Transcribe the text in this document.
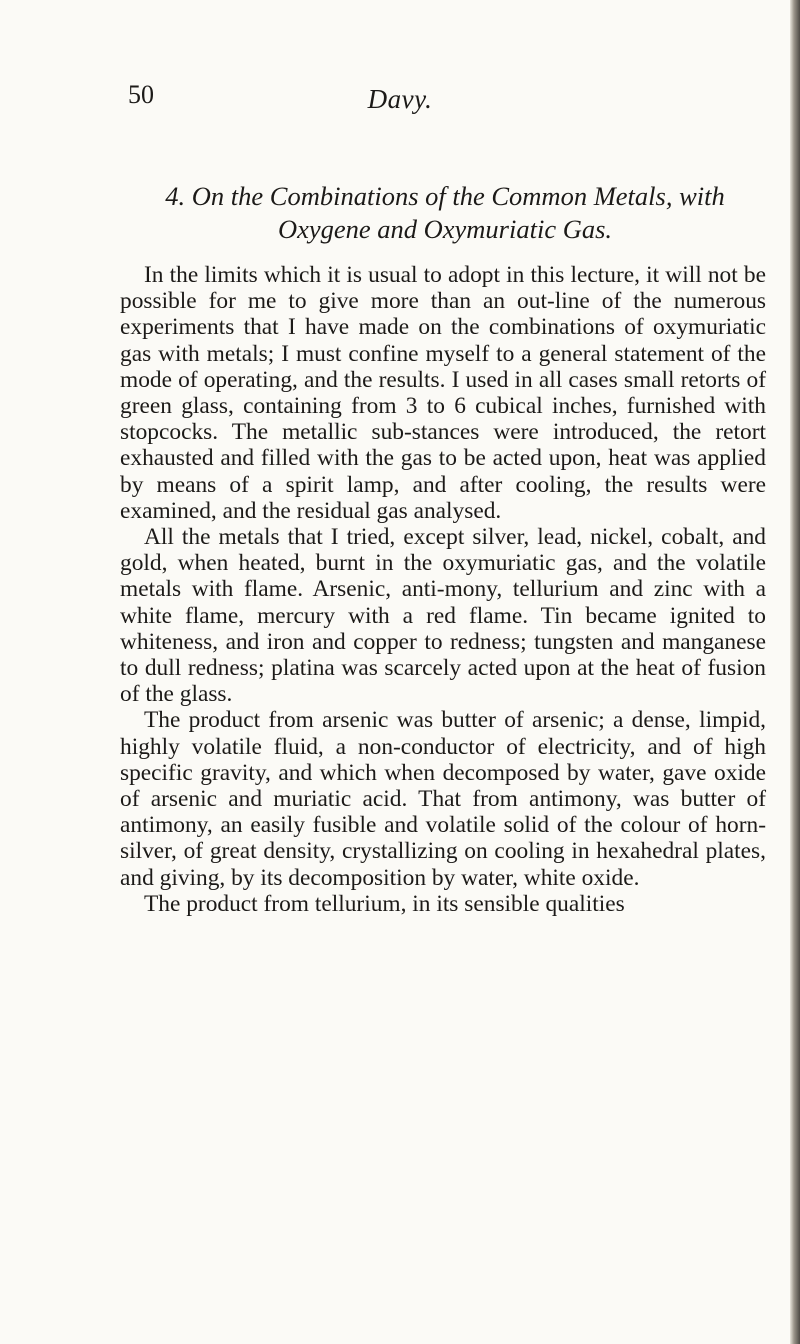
50	Davy.
4. On the Combinations of the Common Metals, with
Oxygene and Oxymuriatic Gas.

In the limits which it is usual to adopt in this lecture, it will not be possible for me to give more than an out-line of the numerous experiments that I have made on the combinations of oxymuriatic gas with metals; I must confine myself to a general statement of the mode of operating, and the results. I used in all cases small retorts of green glass, containing from 3 to 6 cubical inches, furnished with stopcocks. The metallic sub-stances were introduced, the retort exhausted and filled with the gas to be acted upon, heat was applied by means of a spirit lamp, and after cooling, the results were examined, and the residual gas analysed.

All the metals that I tried, except silver, lead, nickel, cobalt, and gold, when heated, burnt in the oxymuriatic gas, and the volatile metals with flame. Arsenic, anti-mony, tellurium and zinc with a white flame, mercury with a red flame. Tin became ignited to whiteness, and iron and copper to redness; tungsten and manganese to dull redness; platina was scarcely acted upon at the heat of fusion of the glass.

The product from arsenic was butter of arsenic; a dense, limpid, highly volatile fluid, a non-conductor of electricity, and of high specific gravity, and which when decomposed by water, gave oxide of arsenic and muriatic acid. That from antimony, was butter of antimony, an easily fusible and volatile solid of the colour of horn-silver, of great density, crystallizing on cooling in hexahedral plates, and giving, by its decomposition by water, white oxide.

The product from tellurium, in its sensible qualities
